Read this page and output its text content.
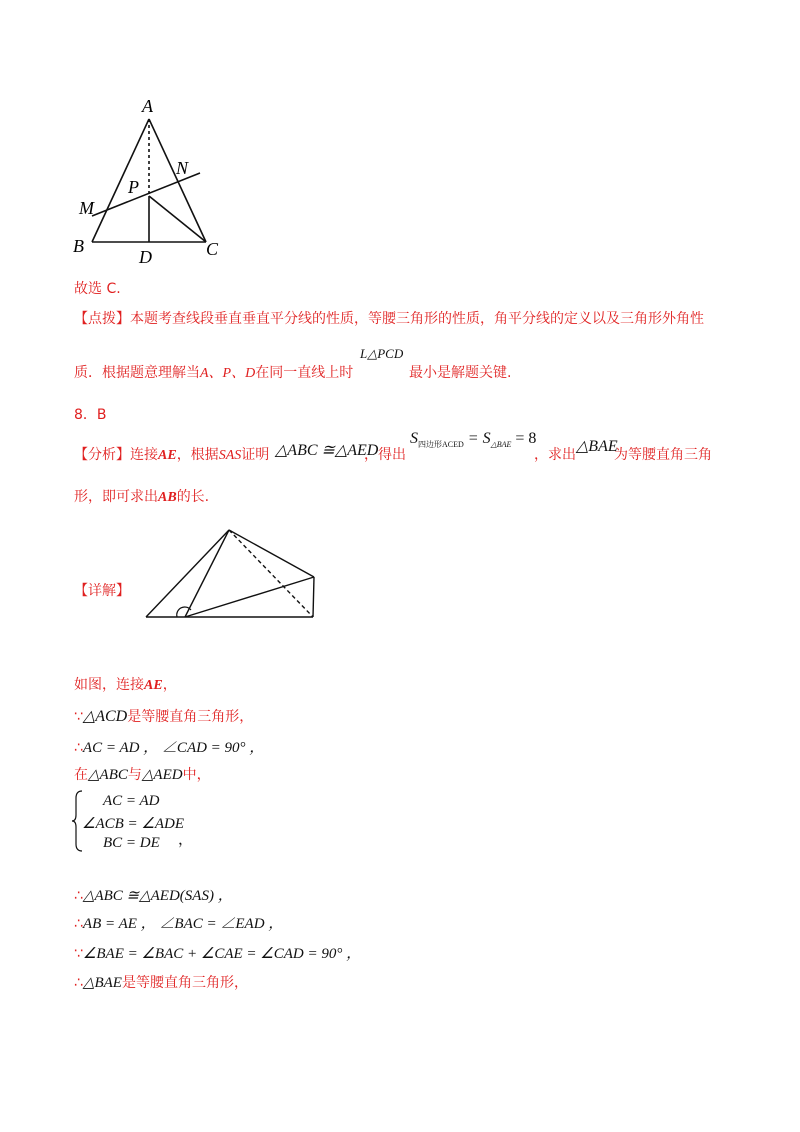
A
N
P
M
B
D	C
故选 C.
【点拨】本题考查线段垂直垂直平分线的性质，等腰三角形的性质，角平分线的定义以及三角形外角性
质．根据题意理解当A、P、D在同一直线上时
L△PCD
最小是解题关键.
8．B
【分析】连接AE，根据SAS证明 △ABC ≅△AED
，得出
$S_{四边形ACED} = S_{\triangle BAE} = 8$
，求出 △BAE
为等腰直角三角
形，即可求出AB的长.
【详解】
如图，连接AE，
∵△ACD是等腰直角三角形，
∴AC = AD ， ∠CAD = 90° ，
在△ABC与△AED中，
AC = AD
∠ACB = ∠ADE
BC = DE ，
∴△ABC ≅△AED(SAS) ，
∴AB = AE ， ∠BAC = ∠EAD ，
∵∠BAE = ∠BAC + ∠CAE = ∠CAD = 90° ，
∴△BAE是等腰直角三角形，
